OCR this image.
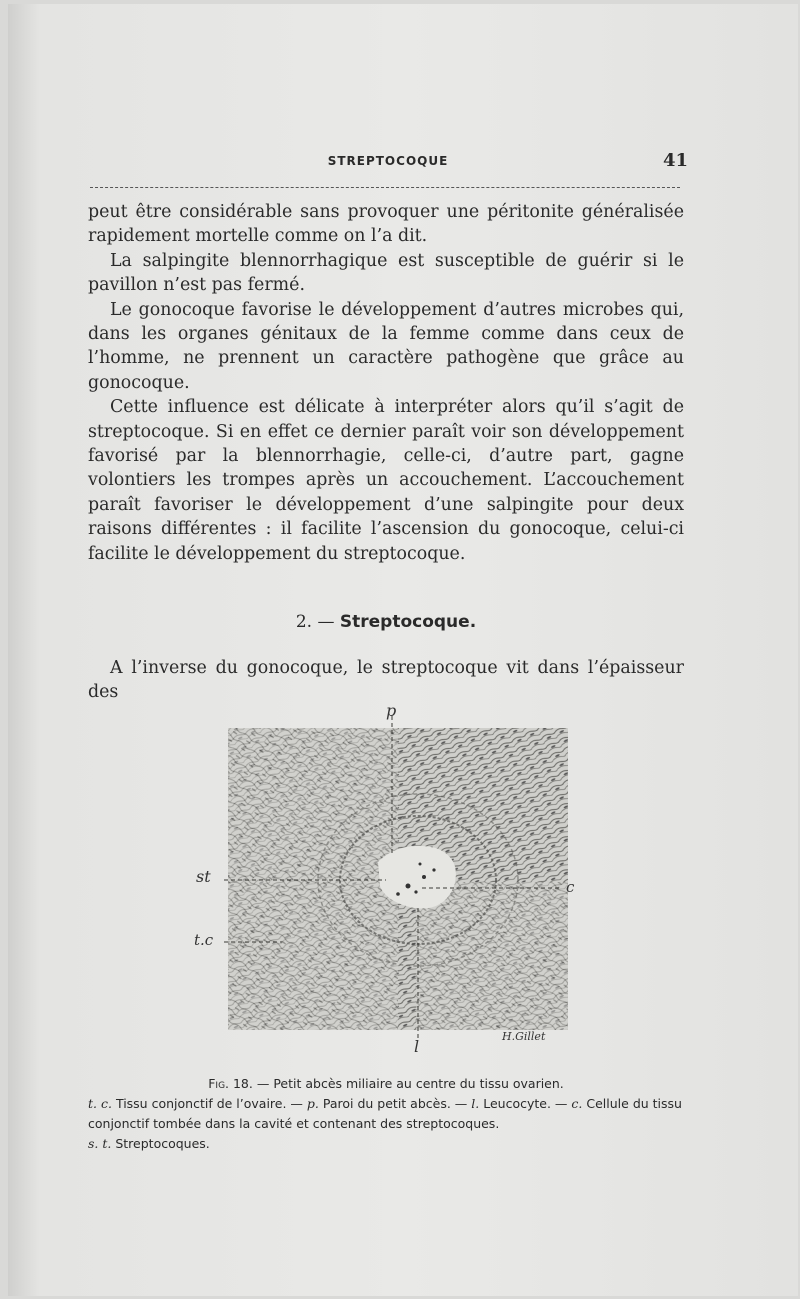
STREPTOCOQUE	41

peut être considérable sans provoquer une péritonite généralisée rapidement mortelle comme on l’a dit.

La salpingite blennorrhagique est susceptible de guérir si le pavillon n’est pas fermé.

Le gonocoque favorise le développement d’autres microbes qui, dans les organes génitaux de la femme comme dans ceux de l’homme, ne prennent un caractère pathogène que grâce au gonocoque.

Cette influence est délicate à interpréter alors qu’il s’agit de streptocoque. Si en effet ce dernier paraît voir son développement favorisé par la blennorrhagie, celle-ci, d’autre part, gagne volontiers les trompes après un accouchement. L’accouchement paraît favoriser le développement d’une salpingite pour deux raisons différentes : il facilite l’ascension du gonocoque, celui-ci facilite le développement du streptocoque.

2. — Streptocoque.
A l’inverse du gonocoque, le streptocoque vit dans l’épaisseur des
p
st
t.c
c
l
H.Gillet

Fig. 18. — Petit abcès miliaire au centre du tissu ovarien.

t. c. Tissu conjonctif de l’ovaire. — p. Paroi du petit abcès. — l. Leucocyte. — c. Cellule du tissu conjonctif tombée dans la cavité et contenant des streptocoques.
s. t. Streptocoques.
